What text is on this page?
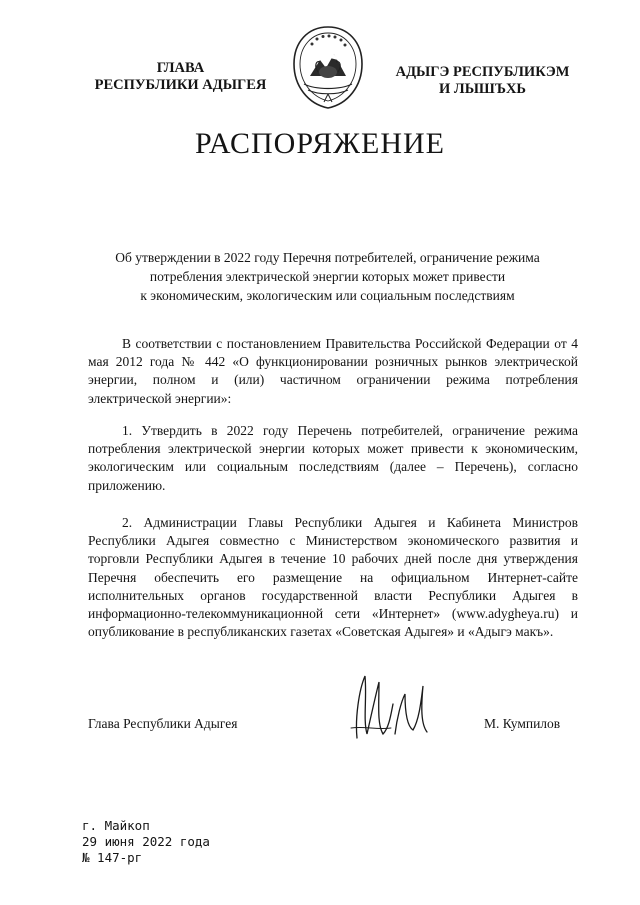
ГЛАВА
РЕСПУБЛИКИ АДЫГЕЯ
АДЫГЭ РЕСПУБЛИКЭМ
И ЛЫШЪХЬ
РАСПОРЯЖЕНИЕ
Об утверждении в 2022 году Перечня потребителей, ограничение режима
потребления электрической энергии которых может привести
к экономическим, экологическим или социальным последствиям
В соответствии с постановлением Правительства Российской Федерации от 4 мая 2012 года № 442 «О функционировании розничных рынков электрической энергии, полном и (или) частичном ограничении режима потребления электрической энергии»:
1. Утвердить в 2022 году Перечень потребителей, ограничение режима потребления электрической энергии которых может привести к экономическим, экологическим или социальным последствиям (далее – Перечень), согласно приложению.
2. Администрации Главы Республики Адыгея и Кабинета Министров Республики Адыгея совместно с Министерством экономического развития и торговли Республики Адыгея в течение 10 рабочих дней после дня утверждения Перечня обеспечить его размещение на официальном Интернет-сайте исполнительных органов государственной власти Республики Адыгея в информационно-телекоммуникационной сети «Интернет» (www.adygheya.ru) и опубликование в республиканских газетах «Советская Адыгея» и «Адыгэ макъ».
Глава Республики Адыгея	М. Кумпилов
г. Майкоп
29 июня 2022 года
№ 147-рг
